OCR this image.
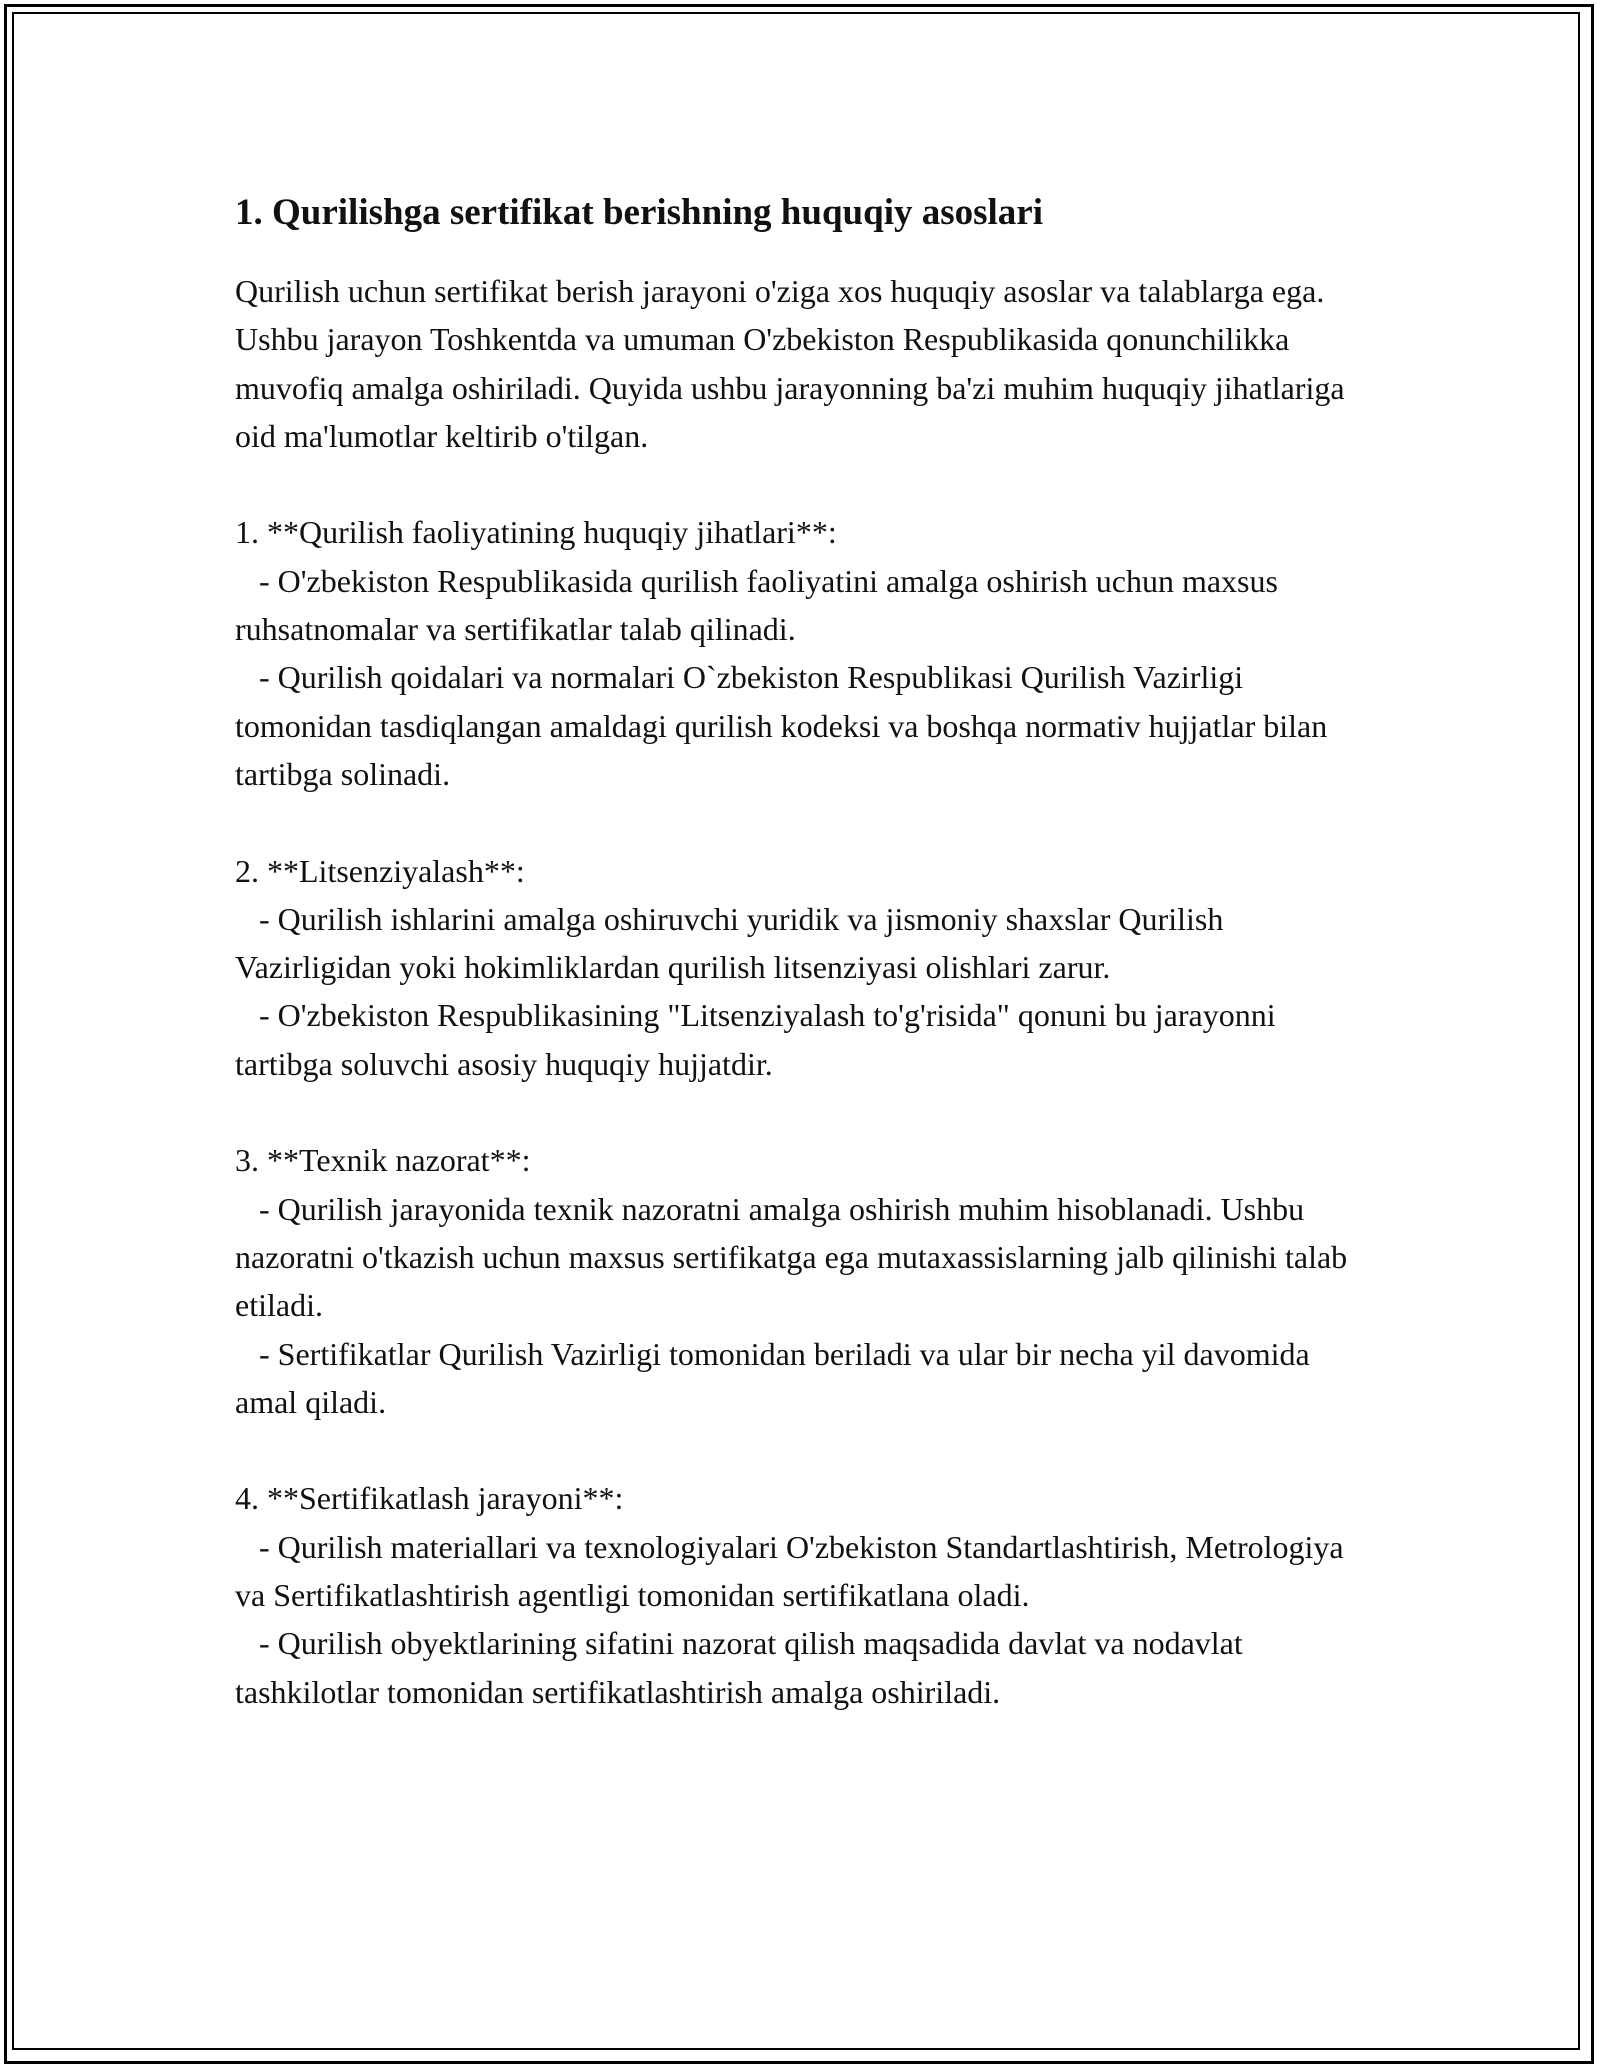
1. Qurilishga sertifikat berishning huquqiy asoslari

Qurilish uchun sertifikat berish jarayoni o'ziga xos huquqiy asoslar va talablarga ega. Ushbu jarayon Toshkentda va umuman O'zbekiston Respublikasida qonunchilikka muvofiq amalga oshiriladi. Quyida ushbu jarayonning ba'zi muhim huquqiy jihatlariga oid ma'lumotlar keltirib o'tilgan.

1. **Qurilish faoliyatining huquqiy jihatlari**:

- O'zbekiston Respublikasida qurilish faoliyatini amalga oshirish uchun maxsus ruhsatnomalar va sertifikatlar talab qilinadi.

- Qurilish qoidalari va normalari O`zbekiston Respublikasi Qurilish Vazirligi tomonidan tasdiqlangan amaldagi qurilish kodeksi va boshqa normativ hujjatlar bilan tartibga solinadi.

2. **Litsenziyalash**:

- Qurilish ishlarini amalga oshiruvchi yuridik va jismoniy shaxslar Qurilish Vazirligidan yoki hokimliklardan qurilish litsenziyasi olishlari zarur.

- O'zbekiston Respublikasining "Litsenziyalash to'g'risida" qonuni bu jarayonni tartibga soluvchi asosiy huquqiy hujjatdir.

3. **Texnik nazorat**:

- Qurilish jarayonida texnik nazoratni amalga oshirish muhim hisoblanadi. Ushbu nazoratni o'tkazish uchun maxsus sertifikatga ega mutaxassislarning jalb qilinishi talab etiladi.

- Sertifikatlar Qurilish Vazirligi tomonidan beriladi va ular bir necha yil davomida amal qiladi.

4. **Sertifikatlash jarayoni**:

- Qurilish materiallari va texnologiyalari O'zbekiston Standartlashtirish, Metrologiya va Sertifikatlashtirish agentligi tomonidan sertifikatlana oladi.

- Qurilish obyektlarining sifatini nazorat qilish maqsadida davlat va nodavlat tashkilotlar tomonidan sertifikatlashtirish amalga oshiriladi.
